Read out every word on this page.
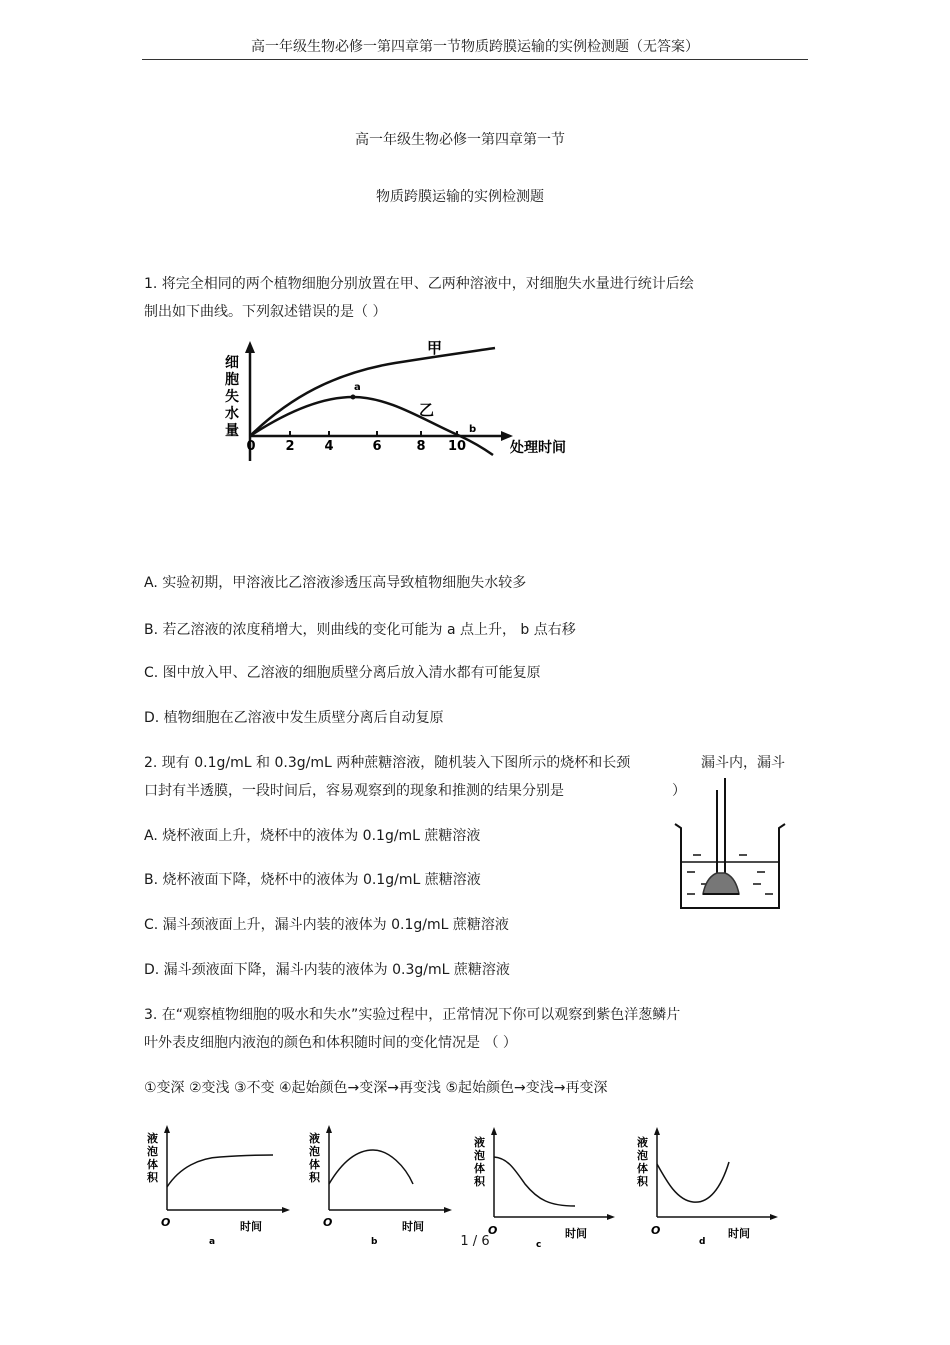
高一年级生物必修一第四章第一节物质跨膜运输的实例检测题（无答案）
高一年级生物必修一第四章第一节
物质跨膜运输的实例检测题
1. 将完全相同的两个植物细胞分别放置在甲、乙两种溶液中，对细胞失水量进行统计后绘
制出如下曲线。下列叙述错误的是（ ）
细
胞
失
水
量
0 2 4	6	8 10
甲
a
乙
b
处理时间
A. 实验初期，甲溶液比乙溶液渗透压高导致植物细胞失水较多
B. 若乙溶液的浓度稍增大，则曲线的变化可能为 a 点上升， b 点右移
C. 图中放入甲、乙溶液的细胞质壁分离后放入清水都有可能复原
D. 植物细胞在乙溶液中发生质壁分离后自动复原
2. 现有 0.1g/mL 和 0.3g/mL 两种蔗糖溶液，随机装入下图所示的烧杯和长颈	漏斗内，漏斗
口封有半透膜，一段时间后，容易观察到的现象和推测的结果分别是	）
A. 烧杯液面上升，烧杯中的液体为 0.1g/mL 蔗糖溶液
B. 烧杯液面下降，烧杯中的液体为 0.1g/mL 蔗糖溶液
C. 漏斗颈液面上升，漏斗内装的液体为 0.1g/mL 蔗糖溶液
D. 漏斗颈液面下降，漏斗内装的液体为 0.3g/mL 蔗糖溶液
3. 在“观察植物细胞的吸水和失水”实验过程中，正常情况下你可以观察到紫色洋葱鳞片
叶外表皮细胞内液泡的颜色和体积随时间的变化情况是 （ ）
①变深 ②变浅 ③不变 ④起始颜色→变深→再变浅 ⑤起始颜色→变浅→再变深
液
泡
体
积
O	时间
a
液
泡
体
积
O	时间
b
液
泡
体
积
O	时间
c
液
泡
体
积
O	时间
d
1 / 6
